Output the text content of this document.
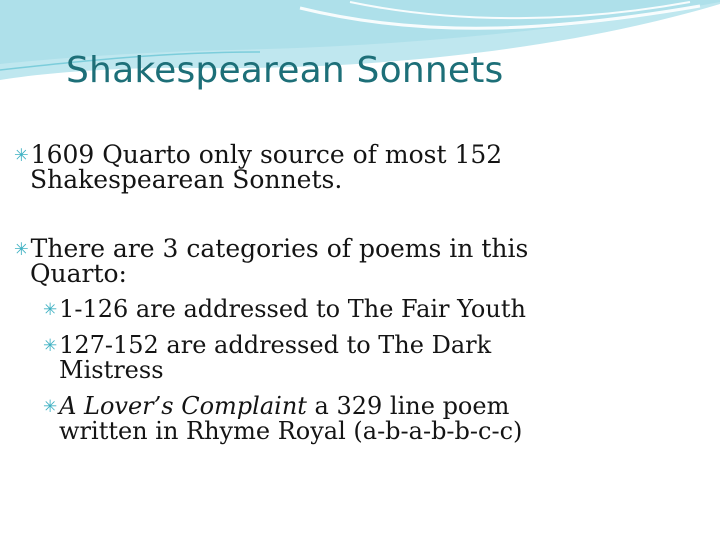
Shakespearean Sonnets
✳1609 Quarto only source of most 152
Shakespearean Sonnets.
✳There are 3 categories of poems in this
Quarto:
✳1-126 are addressed to The Fair Youth
✳127-152 are addressed to The Dark
Mistress
✳A Lover’s Complaint a 329 line poem
written in Rhyme Royal (a-b-a-b-b-c-c)
